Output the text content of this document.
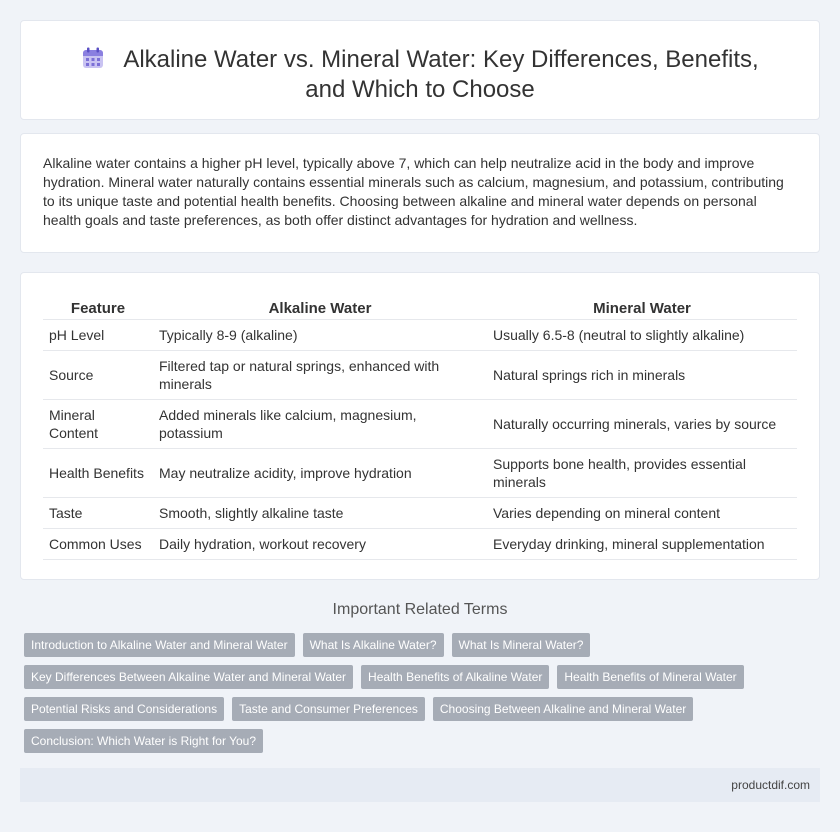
Alkaline Water vs. Mineral Water: Key Differences, Benefits, and Which to Choose

Alkaline water contains a higher pH level, typically above 7, which can help neutralize acid in the body and improve hydration. Mineral water naturally contains essential minerals such as calcium, magnesium, and potassium, contributing to its unique taste and potential health benefits. Choosing between alkaline and mineral water depends on personal health goals and taste preferences, as both offer distinct advantages for hydration and wellness.

Feature	Alkaline Water	Mineral Water
pH Level	Typically 8-9 (alkaline)	Usually 6.5-8 (neutral to slightly alkaline)
Source	Filtered tap or natural springs, enhanced with minerals	Natural springs rich in minerals
Mineral Content	Added minerals like calcium, magnesium, potassium	Naturally occurring minerals, varies by source
Health Benefits	May neutralize acidity, improve hydration	Supports bone health, provides essential minerals
Taste	Smooth, slightly alkaline taste	Varies depending on mineral content
Common Uses	Daily hydration, workout recovery	Everyday drinking, mineral supplementation
Important Related Terms
Introduction to Alkaline Water and Mineral Water	What Is Alkaline Water?	What Is Mineral Water?
Key Differences Between Alkaline Water and Mineral Water	Health Benefits of Alkaline Water	Health Benefits of Mineral Water
Potential Risks and Considerations	Taste and Consumer Preferences	Choosing Between Alkaline and Mineral Water
Conclusion: Which Water is Right for You?
productdif.com
